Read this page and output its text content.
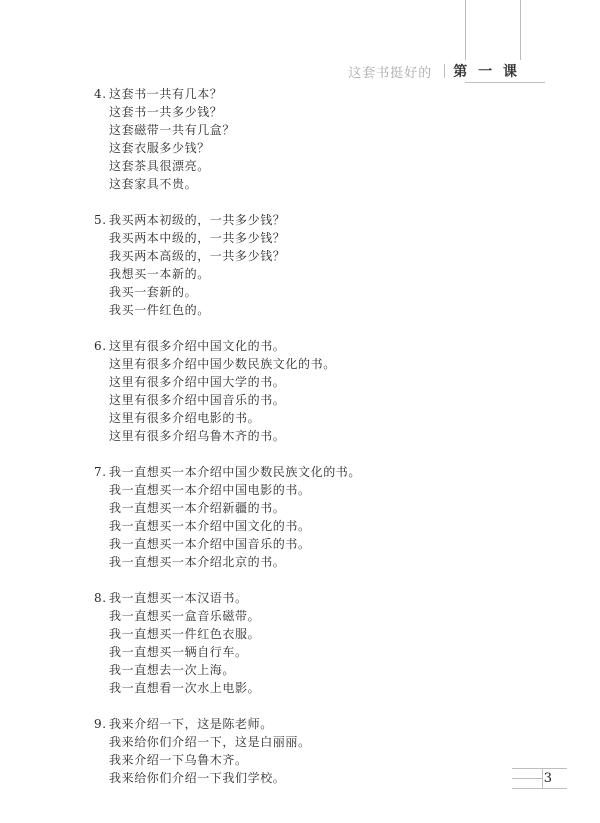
这套书挺好的 第 一 课
4. 这套书一共有几本？
这套书一共多少钱？
这套磁带一共有几盒？
这套衣服多少钱？
这套茶具很漂亮。
这套家具不贵。
5. 我买两本初级的，一共多少钱？
我买两本中级的，一共多少钱？
我买两本高级的，一共多少钱？
我想买一本新的。
我买一套新的。
我买一件红色的。
6. 这里有很多介绍中国文化的书。
这里有很多介绍中国少数民族文化的书。
这里有很多介绍中国大学的书。
这里有很多介绍中国音乐的书。
这里有很多介绍电影的书。
这里有很多介绍乌鲁木齐的书。
7. 我一直想买一本介绍中国少数民族文化的书。
我一直想买一本介绍中国电影的书。
我一直想买一本介绍新疆的书。
我一直想买一本介绍中国文化的书。
我一直想买一本介绍中国音乐的书。
我一直想买一本介绍北京的书。
8. 我一直想买一本汉语书。
我一直想买一盒音乐磁带。
我一直想买一件红色衣服。
我一直想买一辆自行车。
我一直想去一次上海。
我一直想看一次水上电影。
9. 我来介绍一下，这是陈老师。
我来给你们介绍一下，这是白丽丽。
我来介绍一下乌鲁木齐。
我来给你们介绍一下我们学校。	3
